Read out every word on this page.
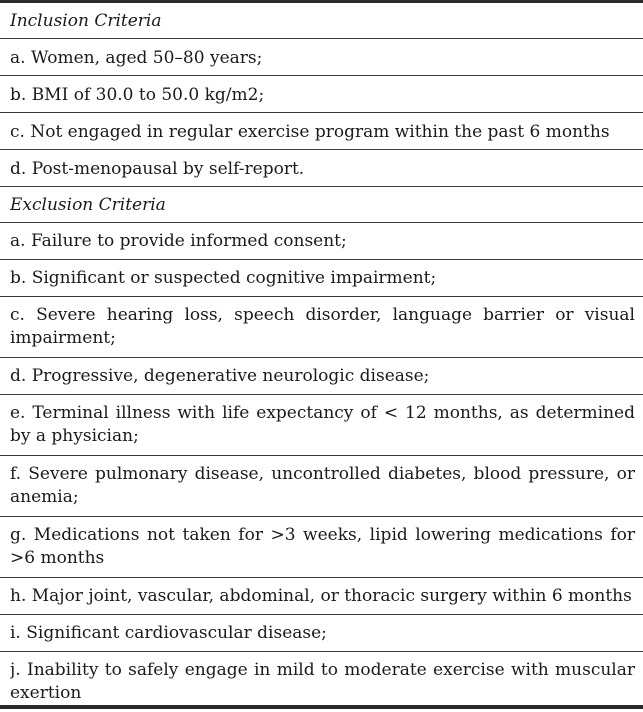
Inclusion Criteria
a. Women, aged 50–80 years;
b. BMI of 30.0 to 50.0 kg/m2;
c. Not engaged in regular exercise program within the past 6 months
d. Post-menopausal by self-report.
Exclusion Criteria
a. Failure to provide informed consent;
b. Significant or suspected cognitive impairment;
c. Severe hearing loss, speech disorder, language barrier or visual impairment;
d. Progressive, degenerative neurologic disease;
e. Terminal illness with life expectancy of < 12 months, as determined by a physician;
f. Severe pulmonary disease, uncontrolled diabetes, blood pressure, or anemia;
g. Medications not taken for >3 weeks, lipid lowering medications for >6 months
h. Major joint, vascular, abdominal, or thoracic surgery within 6 months
i. Significant cardiovascular disease;
j. Inability to safely engage in mild to moderate exercise with muscular exertion
